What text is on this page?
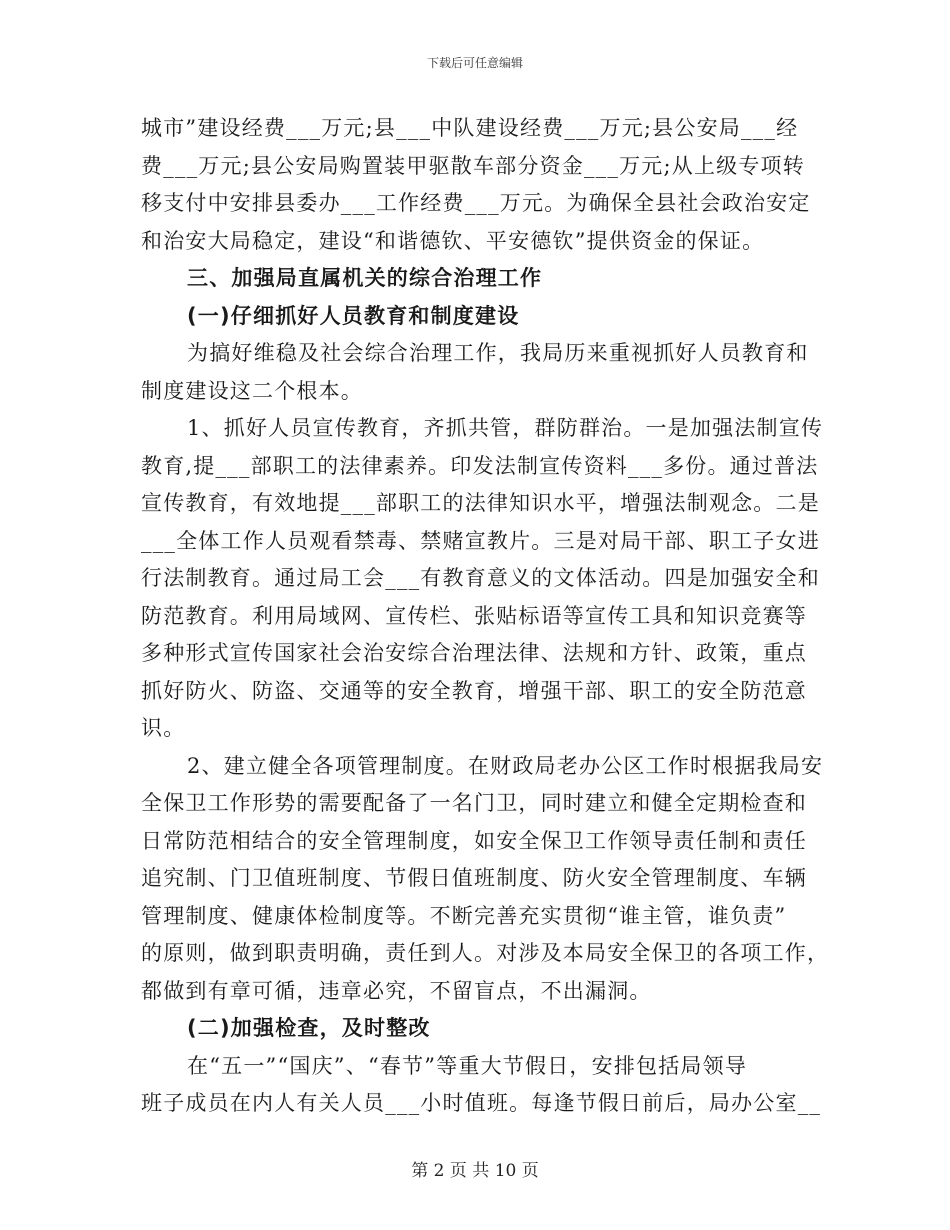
下载后可任意编辑
城市”建设经费___万元;县___中队建设经费___万元;县公安局___经
费___万元;县公安局购置装甲驱散车部分资金___万元;从上级专项转
移支付中安排县委办___工作经费___万元。为确保全县社会政治安定
和治安大局稳定，建设“和谐德钦、平安德钦”提供资金的保证。
三、加强局直属机关的综合治理工作
(一)仔细抓好人员教育和制度建设
为搞好维稳及社会综合治理工作，我局历来重视抓好人员教育和
制度建设这二个根本。
1、抓好人员宣传教育，齐抓共管，群防群治。一是加强法制宣传
教育,提___部职工的法律素养。印发法制宣传资料___多份。通过普法
宣传教育，有效地提___部职工的法律知识水平，增强法制观念。二是
___全体工作人员观看禁毒、禁赌宣教片。三是对局干部、职工子女进
行法制教育。通过局工会___有教育意义的文体活动。四是加强安全和
防范教育。利用局域网、宣传栏、张贴标语等宣传工具和知识竞赛等
多种形式宣传国家社会治安综合治理法律、法规和方针、政策，重点
抓好防火、防盗、交通等的安全教育，增强干部、职工的安全防范意
识。
2、建立健全各项管理制度。在财政局老办公区工作时根据我局安
全保卫工作形势的需要配备了一名门卫，同时建立和健全定期检查和
日常防范相结合的安全管理制度，如安全保卫工作领导责任制和责任
追究制、门卫值班制度、节假日值班制度、防火安全管理制度、车辆
管理制度、健康体检制度等。不断完善充实贯彻“谁主管，谁负责”
的原则，做到职责明确，责任到人。对涉及本局安全保卫的各项工作，
都做到有章可循，违章必究，不留盲点，不出漏洞。
(二)加强检查，及时整改
在“五一”“国庆”、“春节”等重大节假日，安排包括局领导
班子成员在内人有关人员___小时值班。每逢节假日前后，局办公室__
第 2 页 共 10 页
